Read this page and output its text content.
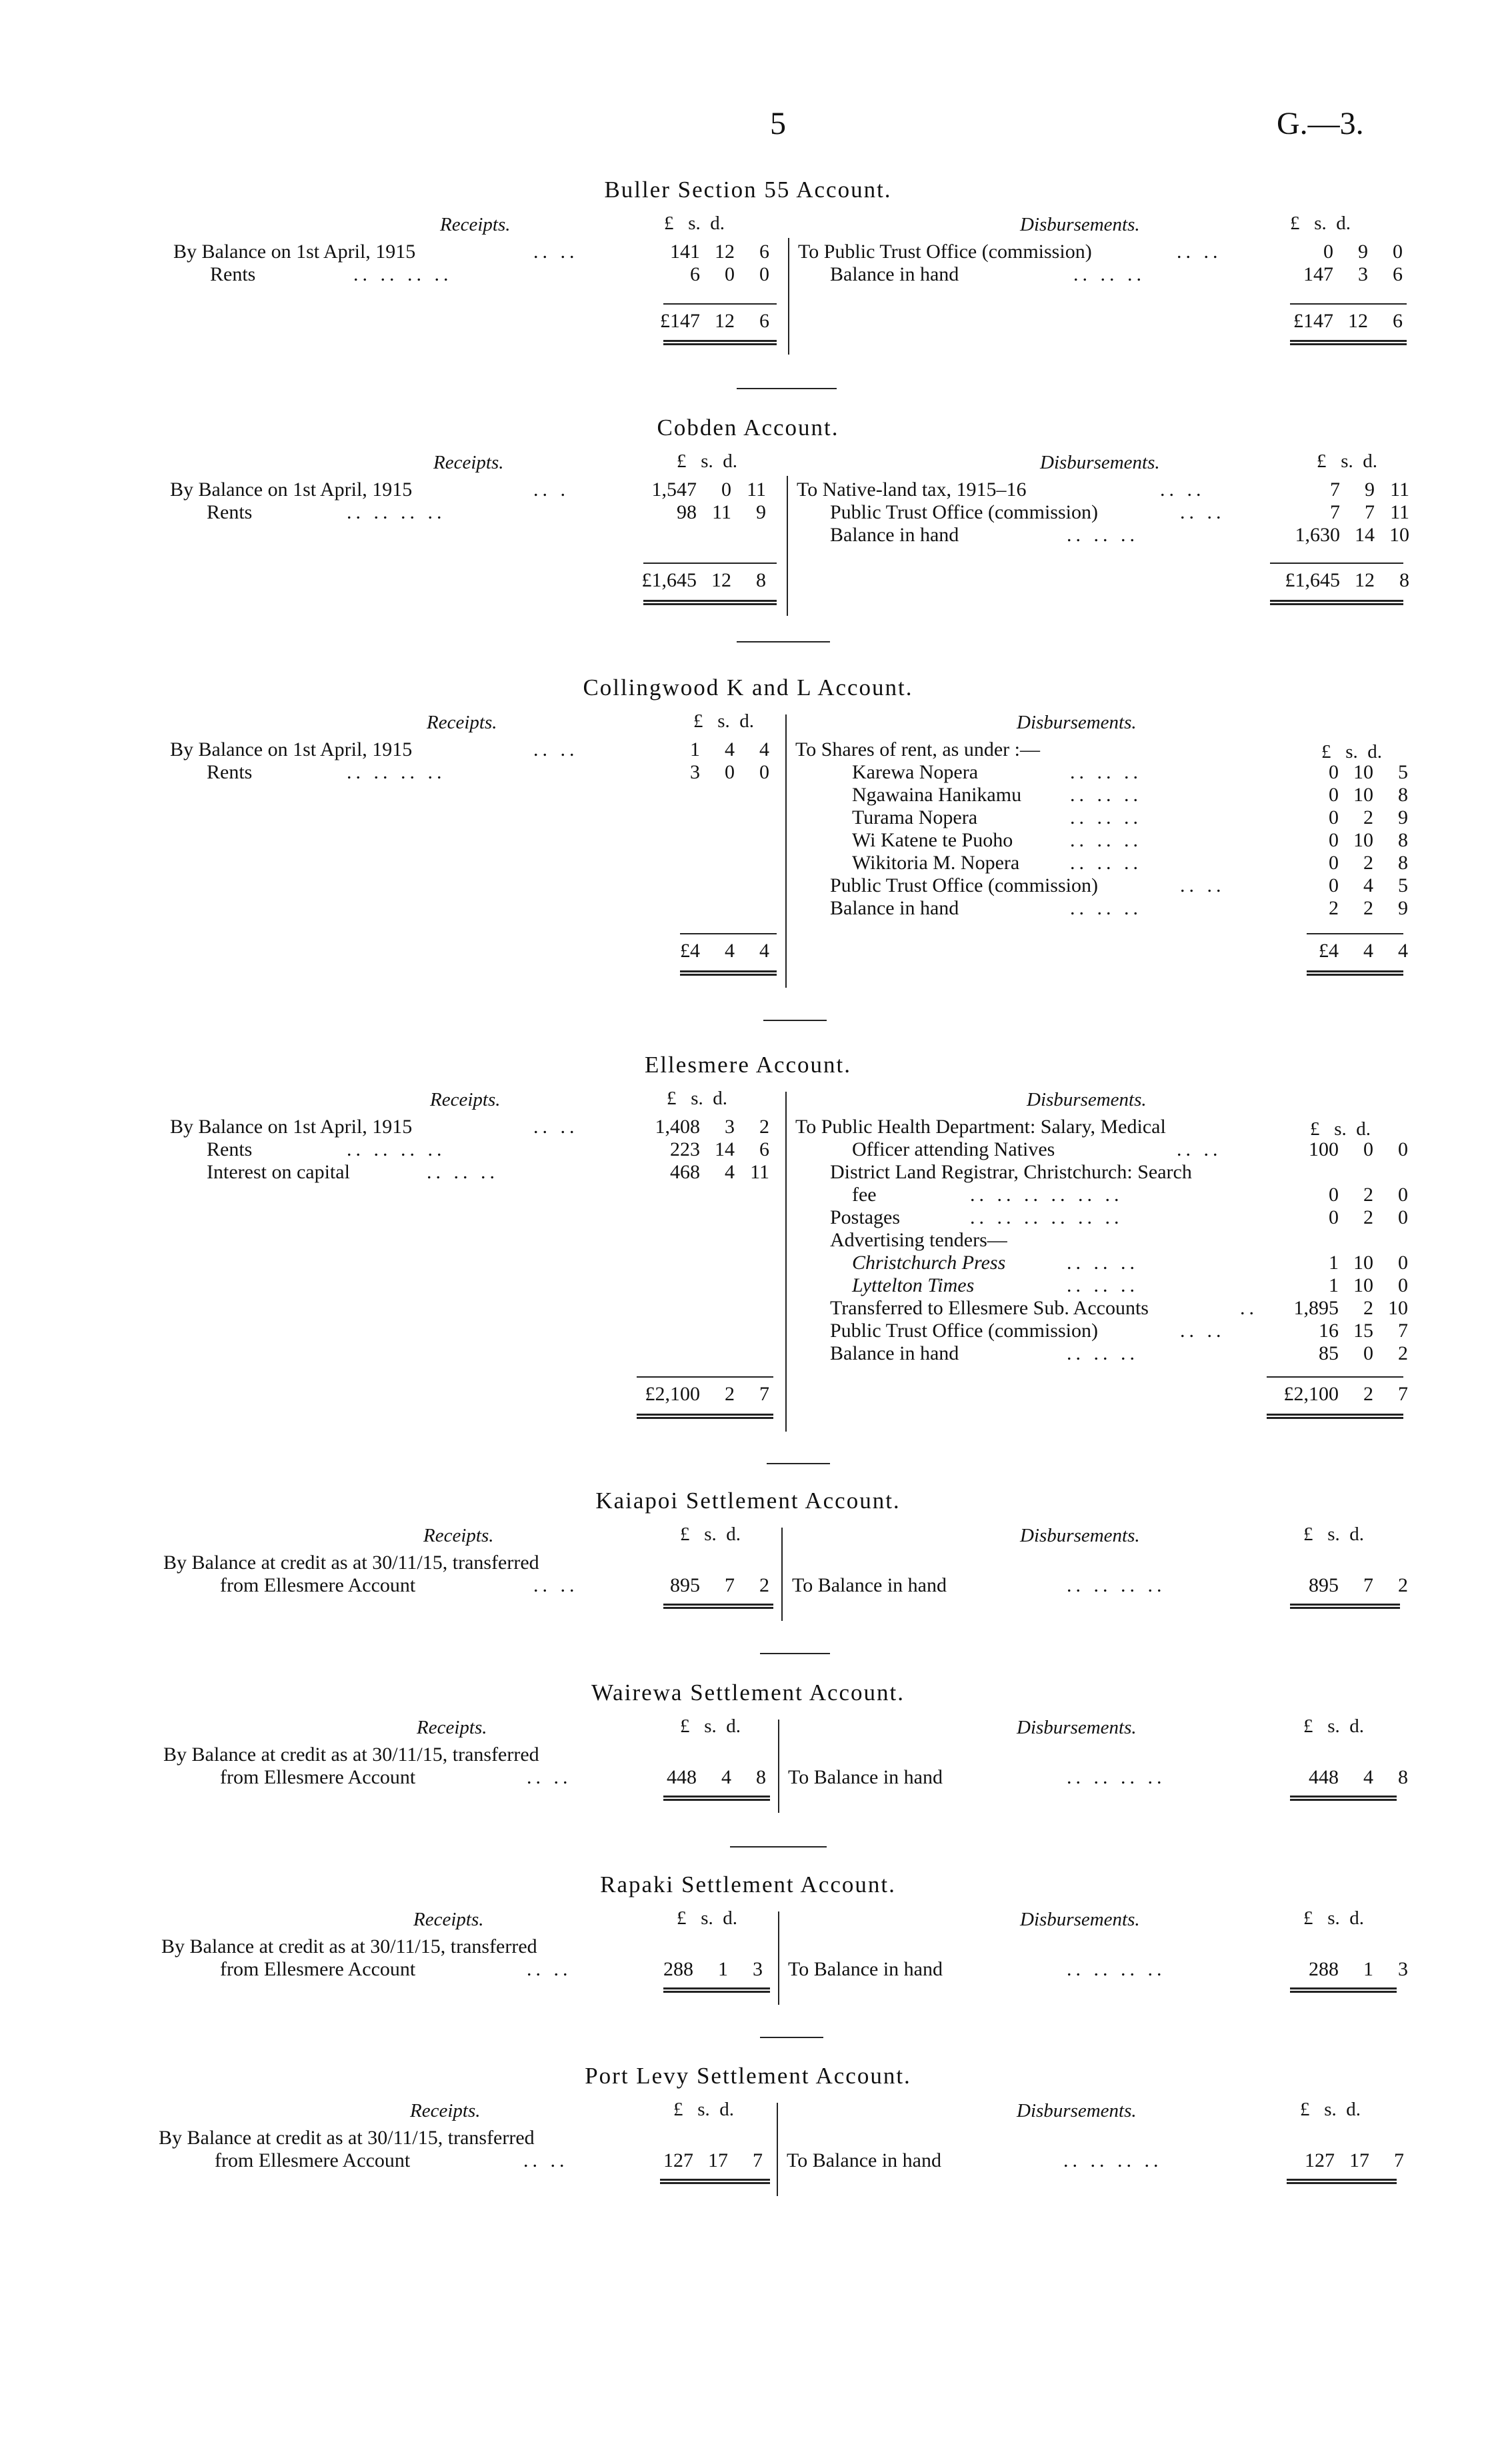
5	G.—3.
Buller Section 55 Account.
Receipts.	£   s.  d.	Disbursements.	£   s.  d.
By Balance on 1st April, 1915	.. ..	141 12 6
Rents	.. .. .. ..	6 0 0
£147 12 6
To Public Trust Office (commission)	.. ..	0 9 0
Balance in hand	.. .. ..	147 3 6
£147 12 6
Cobden Account.
Receipts.	£   s.  d.	Disbursements.	£   s.  d.
By Balance on 1st April, 1915	.. .	1,547 0 11
Rents	.. .. .. ..	98 11 9
£1,645 12 8
To Native-land tax, 1915–16	.. ..	7 9 11
Public Trust Office (commission)	.. ..	7 7 11
Balance in hand	.. .. ..	1,630 14 10
£1,645 12 8
Collingwood K and L Account.
Receipts.	£   s.  d.	Disbursements.
By Balance on 1st April, 1915	.. ..	1 4 4
Rents	.. .. .. ..	3 0 0
£4 4 4
To Shares of rent, as under :—	£   s.  d.
Karewa Nopera	.. .. ..	0 10 5
Ngawaina Hanikamu .. .. ..	0 10 8
Turama Nopera	.. .. ..	0 2 9
Wi Katene te Puoho	.. .. ..	0 10 8
Wikitoria M. Nopera	.. .. ..	0 2 8
Public Trust Office (commission)	.. ..	0 4 5
Balance in hand	.. .. ..	2 2 9
£4 4 4
Ellesmere Account.
Receipts.	£   s.  d.	Disbursements.
By Balance on 1st April, 1915	.. ..	1,408 3 2
Rents	.. .. .. ..	223 14 6
Interest on capital	.. .. ..	468 4 11
£2,100 2 7
To Public Health Department: Salary, Medical	£   s.  d.
Officer attending Natives	.. ..	100 0 0
District Land Registrar, Christchurch: Search
fee	.. .. .. .. .. ..	0 2 0
Postages	.. .. .. .. .. ..	0 2 0
Advertising tenders—
Christchurch Press	.. .. ..	1 10 0
Lyttelton Times	.. .. ..	1 10 0
Transferred to Ellesmere Sub. Accounts	..	1,895 2 10
Public Trust Office (commission)	.. ..	16 15 7
Balance in hand	.. .. ..	85 0 2
£2,100 2 7
Kaiapoi Settlement Account.
Receipts.	£   s.  d.	Disbursements.	£   s.  d.
By Balance at credit as at 30/11/15, transferred
from Ellesmere Account	.. ..	895 7 2 To Balance in hand	.. .. .. ..	895 7 2
Wairewa Settlement Account.
Receipts.	£   s.  d.	Disbursements.	£   s.  d.
By Balance at credit as at 30/11/15, transferred
from Ellesmere Account	.. ..	448 4 8 To Balance in hand	.. .. .. ..	448 4 8
Rapaki Settlement Account.
Receipts.	£   s.  d.	Disbursements.	£   s.  d.
By Balance at credit as at 30/11/15, transferred
from Ellesmere Account	.. ..	288 1 3 To Balance in hand	.. .. .. ..	288 1 3
Port Levy Settlement Account.
Receipts.	£   s.  d.	Disbursements.	£   s.  d.
By Balance at credit as at 30/11/15, transferred
from Ellesmere Account	.. ..	127 17 7 To Balance in hand	.. .. .. ..	127 17 7
